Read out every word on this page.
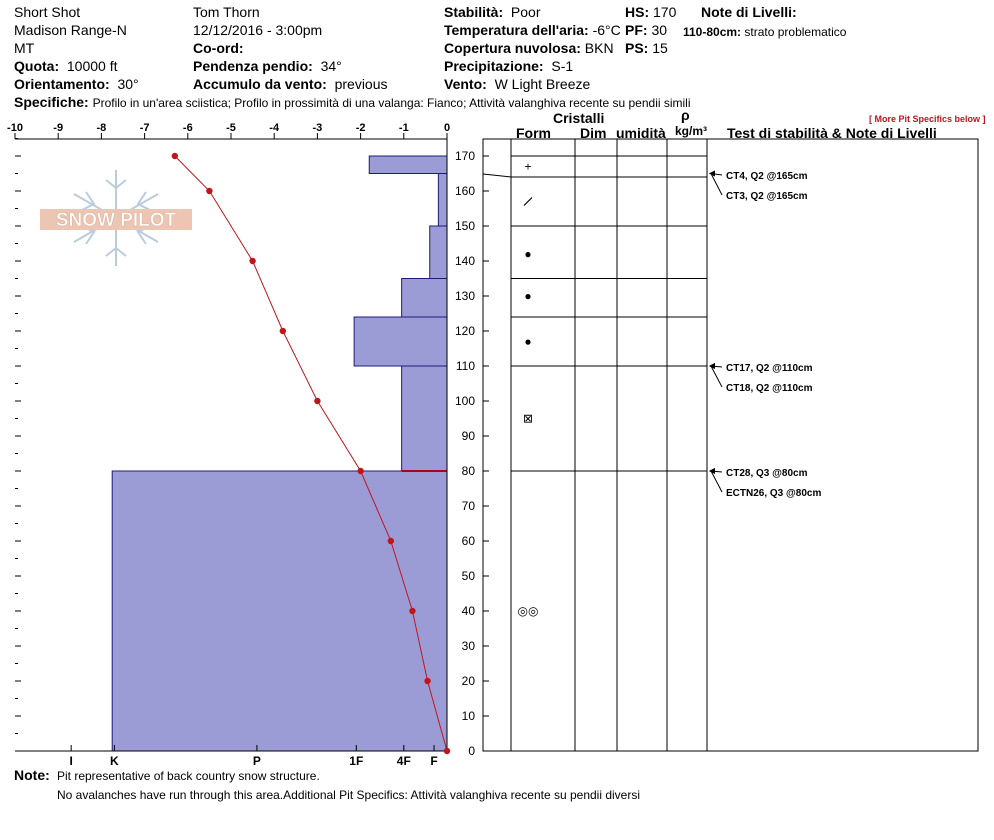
Short Shot
Madison Range-N
MT
Quota: 10000 ft
Orientamento: 30°
Tom Thorn
12/12/2016 - 3:00pm
Co-ord:
Pendenza pendio: 34°
Accumulo da vento: previous
Stabilità: Poor
Temperatura dell'aria: -6°C
Copertura nuvolosa: BKN
Precipitazione: S-1
Vento: W Light Breeze
HS: 170
PF: 30
PS: 15
Note di Livelli:
110-80cm: strato problematico
Specifiche: Profilo in un'area sciistica; Profilo in prossimità di una valanga: Fianco; Attività valanghiva recente su pendii simili
[ More Pit Specifics below ]
Cristalli
Form Dim umidità
ρ
kg/m³ Test di stabilità & Note di Livelli
SNOW PILOT
-10	-9	-8	-7	-6	-5	-4	-3	-2	-1	0
0
10
20
30
40
50
60
70
80
90
100
110
120
130
140
150
160
170
I	K	P	1F	4F F
+
●
●
●
⊠
◎◎
CT4, Q2 @165cm
CT3, Q2 @165cm
CT17, Q2 @110cm
CT18, Q2 @110cm
CT28, Q3 @80cm
ECTN26, Q3 @80cm
Note: Pit representative of back country snow structure.
No avalanches have run through this area.Additional Pit Specifics: Attività valanghiva recente su pendii diversi
